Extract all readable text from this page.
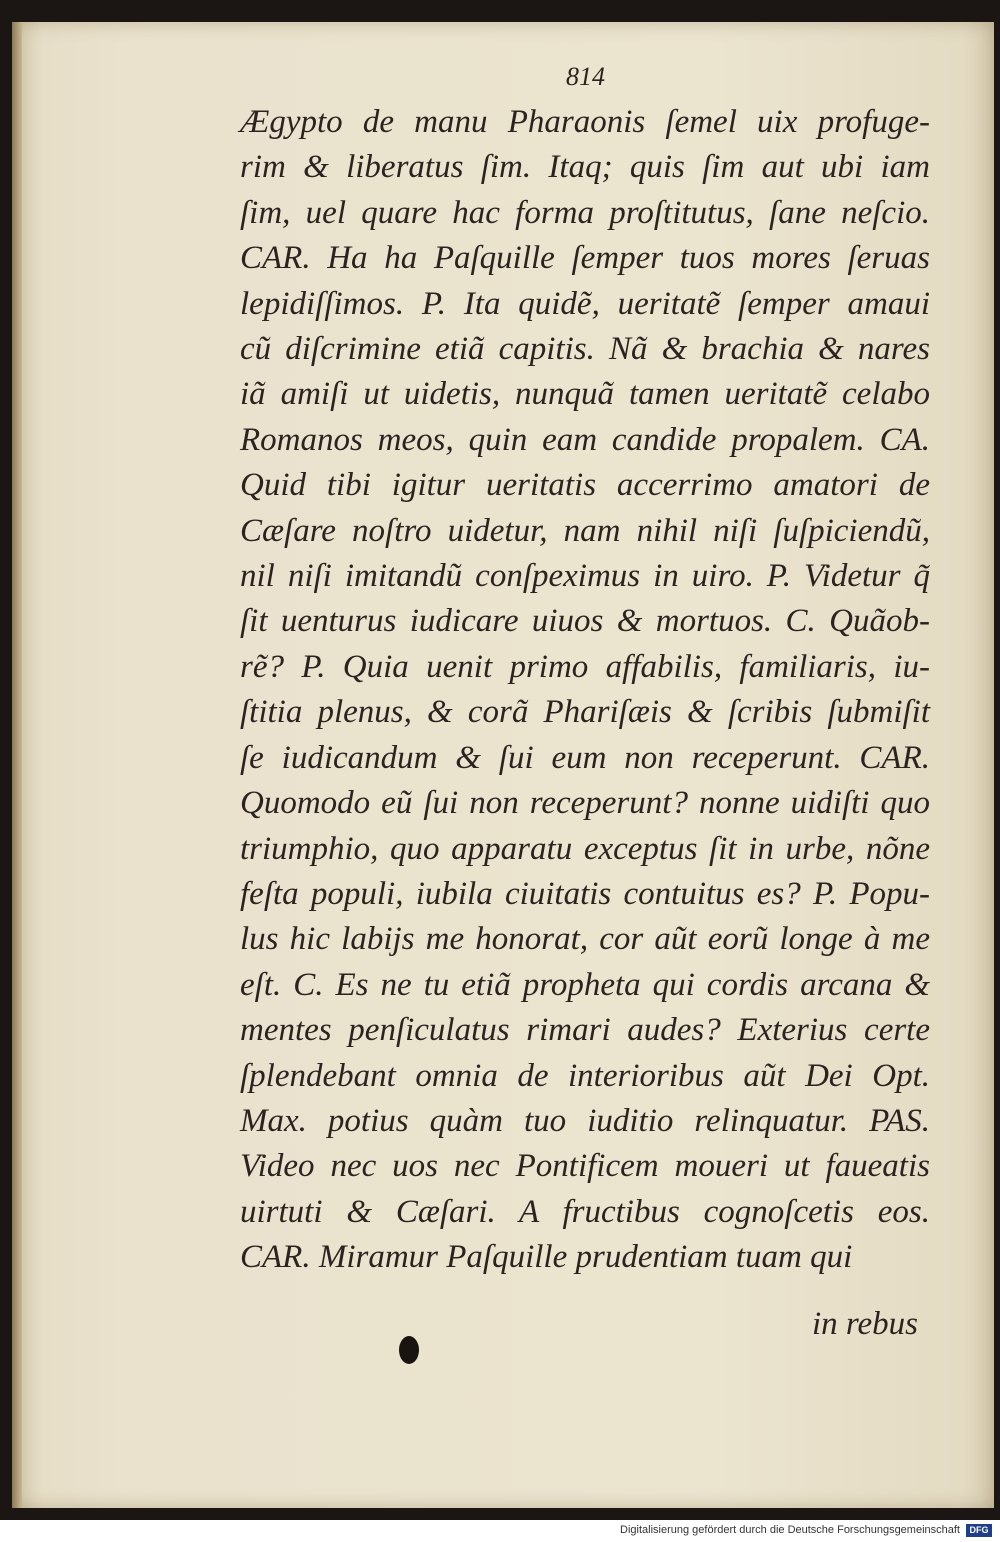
814
Ægypto de manu Pharaonis ſemel uix profuge-
rim & liberatus ſim. Itaq; quis ſim aut ubi iam
ſim, uel quare hac forma proſtitutus, ſane neſcio.
CAR. Ha ha Paſquille ſemper tuos mores ſeruas
lepidiſſimos. P. Ita quidẽ, ueritatẽ ſemper amaui
cũ diſcrimine etiã capitis. Nã & brachia & nares
iã amiſi ut uidetis, nunquã tamen ueritatẽ celabo
Romanos meos, quin eam candide propalem. CA.
Quid tibi igitur ueritatis accerrimo amatori de
Cæſare noſtro uidetur, nam nihil niſi ſuſpiciendũ,
nil niſi imitandũ conſpeximus in uiro. P. Videtur q̃
ſit uenturus iudicare uiuos & mortuos. C. Quãob-
rẽ? P. Quia uenit primo affabilis, familiaris, iu-
ſtitia plenus, & corã Phariſæis & ſcribis ſubmiſit
ſe iudicandum & ſui eum non receperunt. CAR.
Quomodo eũ ſui non receperunt? nonne uidiſti quo
triumphio, quo apparatu exceptus ſit in urbe, nõne
feſta populi, iubila ciuitatis contuitus es? P. Popu-
lus hic labijs me honorat, cor aũt eorũ longe à me
eſt. C. Es ne tu etiã propheta qui cordis arcana &
mentes penſiculatus rimari audes? Exterius certe
ſplendebant omnia de interioribus aũt Dei Opt.
Max. potius quàm tuo iuditio relinquatur. PAS.
Video nec uos nec Pontificem moueri ut faueatis
uirtuti & Cæſari. A fructibus cognoſcetis eos.
CAR. Miramur Paſquille prudentiam tuam qui
in rebus
Digitalisierung gefördert durch die Deutsche Forschungsgemeinschaft	DFG
